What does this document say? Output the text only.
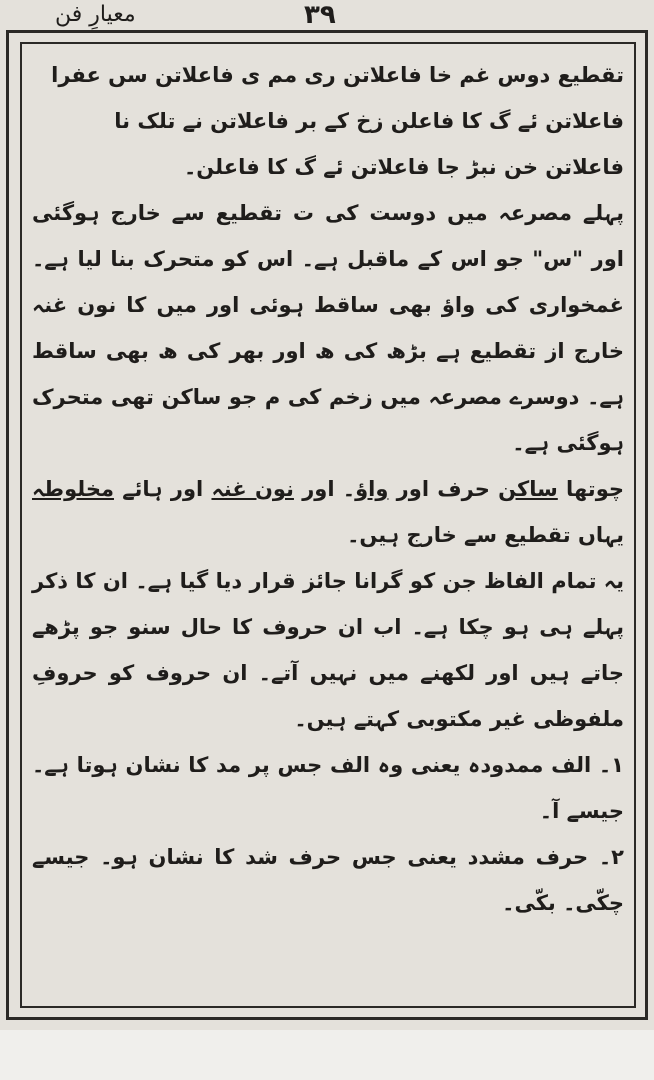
۳۹
معیارِ فن

تقطیع دوس غم خا فاعلاتن ری مم ی فاعلاتن سں عفرا

فاعلاتن ئے گ کا فاعلن زخ کے بر فاعلاتن نے تلک نا

فاعلاتن خن نبڑ جا فاعلاتن ئے گ کا فاعلن۔

پہلے مصرعہ میں دوست کی ت تقطیع سے خارج ہوگئی اور "س" جو اس کے ماقبل ہے۔ اس کو متحرک بنا لیا ہے۔ غمخواری کی واؤ بھی ساقط ہوئی اور میں کا نون غنہ خارج از تقطیع ہے بڑھ کی ھ اور بھر کی ھ بھی ساقط ہے۔ دوسرے مصرعہ میں زخم کی م جو ساکن تھی متحرک ہوگئی ہے۔

چوتھا ساکن حرف اور واؤ۔ اور نون غنہ اور ہائے مخلوطہ یہاں تقطیع سے خارج ہیں۔

یہ تمام الفاظ جن کو گرانا جائز قرار دیا گیا ہے۔ ان کا ذکر پہلے ہی ہو چکا ہے۔ اب ان حروف کا حال سنو جو پڑھے جاتے ہیں اور لکھنے میں نہیں آتے۔ ان حروف کو حروفِ ملفوظی غیر مکتوبی کہتے ہیں۔

۱۔ الف ممدودہ یعنی وہ الف جس پر مد کا نشان ہوتا ہے۔ جیسے آ۔

۲۔ حرف مشدد یعنی جس حرف شد کا نشان ہو۔ جیسے چکّی۔ بکّی۔
